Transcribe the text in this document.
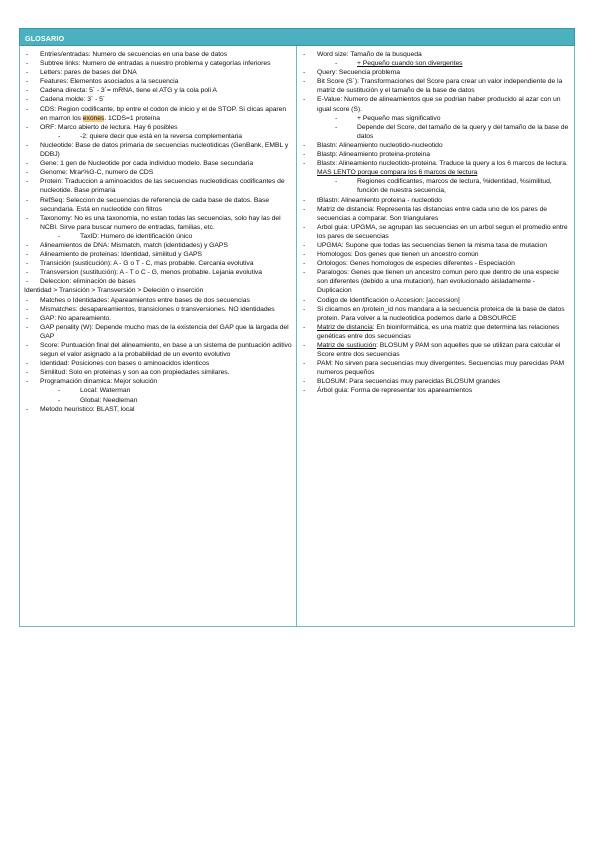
GLOSARIO
-	Entries/entradas: Numero de secuencias en una base de datos
-	Subtree links: Numero de entradas a nuestro problema y categorías inferiores
-	Letters: pares de bases del DNA
-	Features: Elementos asociados a la secuencia
-	Cadena directa: 5´ - 3´= mRNA, tiene el ATG y la cola poli A
-	Cadena molde: 3´ - 5´
-	CDS: Region codificante, bp entre el codon de inicio y el de STOP. Si clicas aparen en marron los exones. 1CDS=1 proteína
-	ORF: Marco abierto de lectura. Hay 6 posibles
-	-2: quiere decir que está en la reversa complementaria
-	Nucleotide: Base de datos primaria de secuencias nucleotidicas (GenBank, EMBL y DDBJ)
-	Gene: 1 gen de Nucleotide por cada individuo modelo. Base secundaria
-	Genome: Mrar%G-C, numero de CDS
-	Protein: Traduccion a aminoacidos de las secuencias nucleotidicas codificantes de nucleotide. Base primaria
-	RefSeq: Seleccion de secuencias de referencia de cada base de datos. Base secundaria. Está en nucleotide con filtros
-	Taxonomy: No es una taxonomia, no estan todas las secuencias, solo hay las del NCBI. Sirve para buscar numero de entradas, familias, etc.
-	TaxID: Humero de identificación único
-	Alineamientos de DNA: Mismatch, match (identidades) y GAPS
-	Alineamiento de proteinas: Identidad, similitud y GAPS
-	Transición (susticución): A - G o T - C, mas probable. Cercania evolutiva
-	Transversion (sustitución): A - T o C - G, menos probable. Lejania evolutiva
-	Deleccion: eliminación de bases
Identidad > Transición > Transversión > Deleción o inserción
-	Matches o Identidades: Apareamientos entre bases de dos secuencias
-	Mismatches: desapareamientos, transiciones o transversiones. NO identidades
-	GAP: No apareamiento.
-	GAP penality (W): Depende mucho mas de la existencia del GAP que la largada del GAP
-	Score: Puntuación final del alineamiento, en base a un sistema de puntuación aditivo segun el valor asignado a la probabilidad de un evento evolutivo
-	Identidad: Posiciones con bases o aminoacidos identicos
-	Similitud: Solo en proteinas y son aa con propiedades similares.
-	Programación dinamica: Mejor solución
-	Local: Waterman
-	Global: Needleman
-	Metodo heuristico: BLAST, local
-	Word size: Tamaño de la busqueda
-	+ Pequeño cuando son divergentes
-	Query: Secuencia problema
-	Bit Score (S´): Transformaciones del Score para crear un valor independiente de la matriz de sustitución y el tamaño de la base de datos
-	E-Value: Numero de alineamientos que se podrian haber producido al azar con un igual score (S).
-	+ Pequeño mas significativo
-	Depende del Score, del tamaño de la query y del tamaño de la base de datos
-	Blastn: Alineamiento nucleotido-nucleotido
-	Blastp: Alineamiento proteina-proteina
-	Blastx: Alineamiento nucleotido-proteina. Traduce la query a los 6 marcos de lectura. MAS LENTO porque compara los 6 marcos de lectura
-	Regiones codificantes, marcos de lectura, %identidad, %similitud, función de nuestra secuencia,
-	tBlastn: Alineamiento proteina - nucleotido
-	Matriz de distancia: Representa las distancias entre cada uno de los pares de secuencias a comparar. Son triangulares
-	Arbol guia: UPGMA, se agrupan las secuencias en un arbol segun el promedio entre los pares de secuencias
-	UPGMA: Supone que todas las secuencias tienen la misma tasa de mutacion
-	Homologos: Dos genes que tienen un ancestro común
-	Ortologos: Genes homologos de especies diferentes - Especiación
-	Paralogos: Genes que tienen un ancestro comun pero que dentro de una especie son diferentes (debido a una mutacion), han evolucionado aisladamente - Duplicacion
-	Codigo de Identificación o Accesion: [accession]
-	Si clicamos en /protein_id nos mandara a la secuencia proteica de la base de datos protein. Para volver a la nucleotidica podemos darle a DBSOURCE
-	Matriz de distancia: En bioinformática, es una matriz que determina las relaciones genéticas entre dos secuencias
-	Matriz de sustiución: BLOSUM y PAM son aquelles que se utilizan para calcular el Score entre dos secuencias
-	PAM: No sirven para secuencias muy divergentes. Secuencias muy parecidas PAM numeros pequeños
-	BLOSUM: Para secuencias muy parecidas BLOSUM grandes
-	Árbol guia: Forma de representar los apareamientos
